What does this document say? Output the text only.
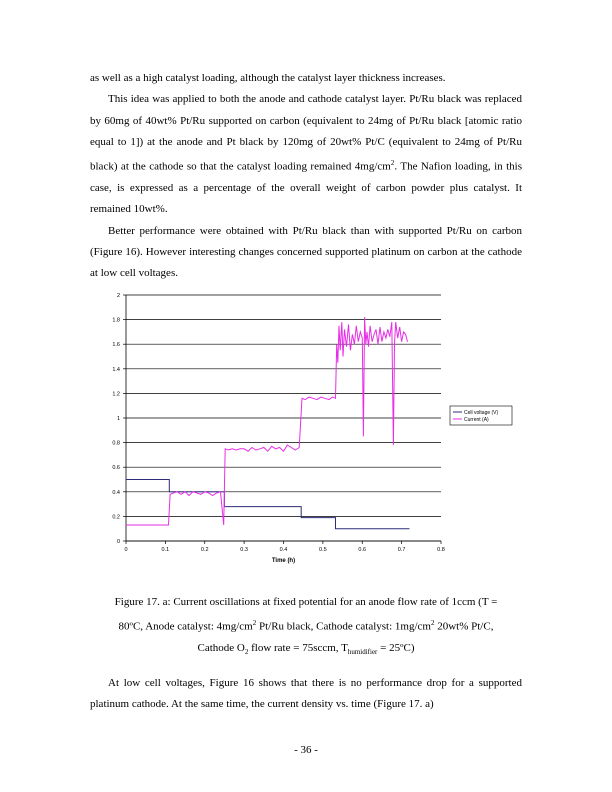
as well as a high catalyst loading, although the catalyst layer thickness increases.

This idea was applied to both the anode and cathode catalyst layer. Pt/Ru black was replaced by 60mg of 40wt% Pt/Ru supported on carbon (equivalent to 24mg of Pt/Ru black [atomic ratio equal to 1]) at the anode and Pt black by 120mg of 20wt% Pt/C (equivalent to 24mg of Pt/Ru black) at the cathode so that the catalyst loading remained $4mg/cm^2$. The Nafion loading, in this case, is expressed as a percentage of the overall weight of carbon powder plus catalyst. It remained 10wt%.

Better performance were obtained with Pt/Ru black than with supported Pt/Ru on carbon (Figure 16). However interesting changes concerned supported platinum on carbon at the cathode at low cell voltages.

0
0.2
0.4
0.6
0.8
1
1.2
1.4
1.6
1.8
2
0	0.1	0.2	0.3	0.4	0.5	0.6	0.7	0.8
Time (h)
Cell voltage (V)
Current (A)
Figure 17. a: Current oscillations at fixed potential for an anode flow rate of 1ccm (T =
80ºC, Anode catalyst: $4mg/cm^2$ Pt/Ru black, Cathode catalyst: $1mg/cm^2$ 20wt% Pt/C,
Cathode $O_2$ flow rate = 75sccm, $T_{humidifier}$ = 25ºC)
At low cell voltages, Figure 16 shows that there is no performance drop for a supported platinum cathode. At the same time, the current density vs. time (Figure 17. a)
- 36 -
